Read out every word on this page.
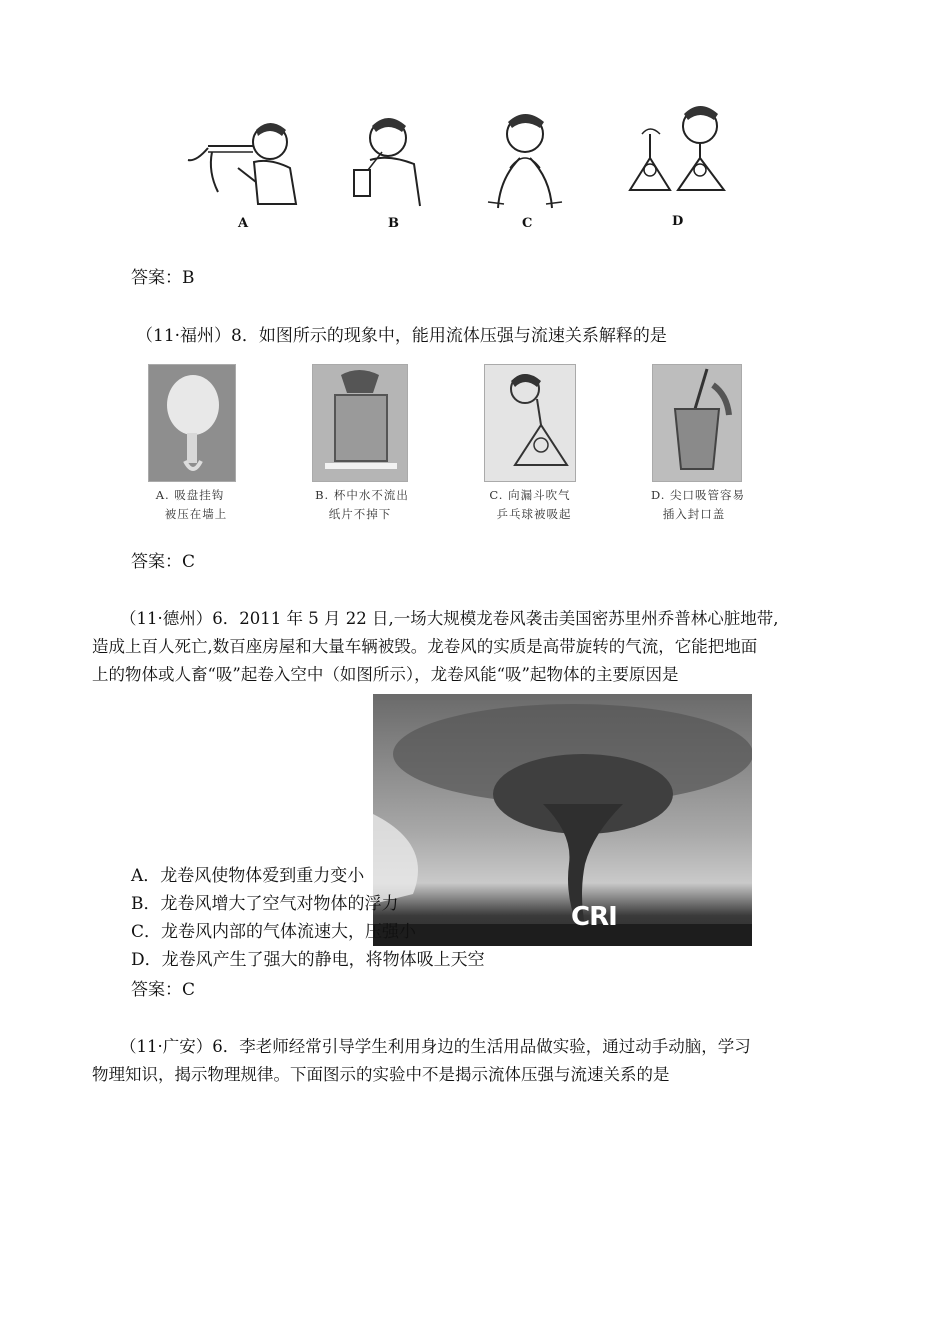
A	B	C	D
答案：B
（11·福州）8．如图所示的现象中，能用流体压强与流速关系解释的是
A. 吸盘挂钩
被压在墙上
B. 杯中水不流出
纸片不掉下
C. 向漏斗吹气
乒乓球被吸起
D. 尖口吸管容易
插入封口盖
答案：C
（11·德州）6．2011 年 5 月 22 日,一场大规模龙卷风袭击美国密苏里州乔普林心脏地带,
造成上百人死亡,数百座房屋和大量车辆被毁。龙卷风的实质是高带旋转的气流，它能把地面
上的物体或人畜“吸”起卷入空中（如图所示），龙卷风能“吸”起物体的主要原因是
CRI
A．龙卷风使物体爱到重力变小
B．龙卷风增大了空气对物体的浮力
C．龙卷风内部的气体流速大，压强小
D．龙卷风产生了强大的静电，将物体吸上天空
答案：C
（11·广安）6．李老师经常引导学生利用身边的生活用品做实验，通过动手动脑，学习
物理知识，揭示物理规律。下面图示的实验中不是揭示流体压强与流速关系的是
